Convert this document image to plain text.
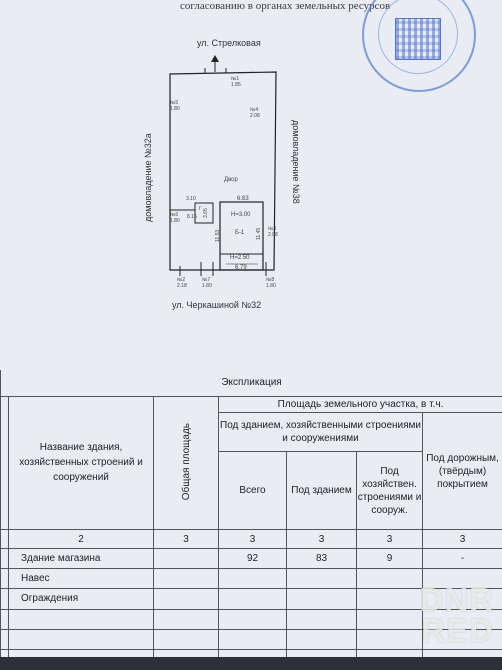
согласованию в органах земельных ресурсов
ул. Стрелковая
ул. Черкашиной №32
домовладение №32а	домовладение №38
Двор
6.83
H=3.00
Б-1
H=2.50
6.79
11.53	11.45
3.10
8.15 3.65
Г
№1
1.85
№5
1.80	№4
2.08
№6
1.80
№3
2.08
№2
2.18
№7
1.80
№8
1.80
Экспликация						
	Название здания, хозяйственных строений и сооружений	Общая площадь	Площадь земельного участка, в т.ч.			
			Под зданием, хозяйственными строениями и сооружениями			Под дорожным, (твёрдым) покрытием
			Всего	Под зданием	Под хозяйствен. строениями и сооруж.	
	2	3	3	3	3	3
	Здание магазина		92	83	9	-
	Навес					
	Ограждения					

							DNR RED
